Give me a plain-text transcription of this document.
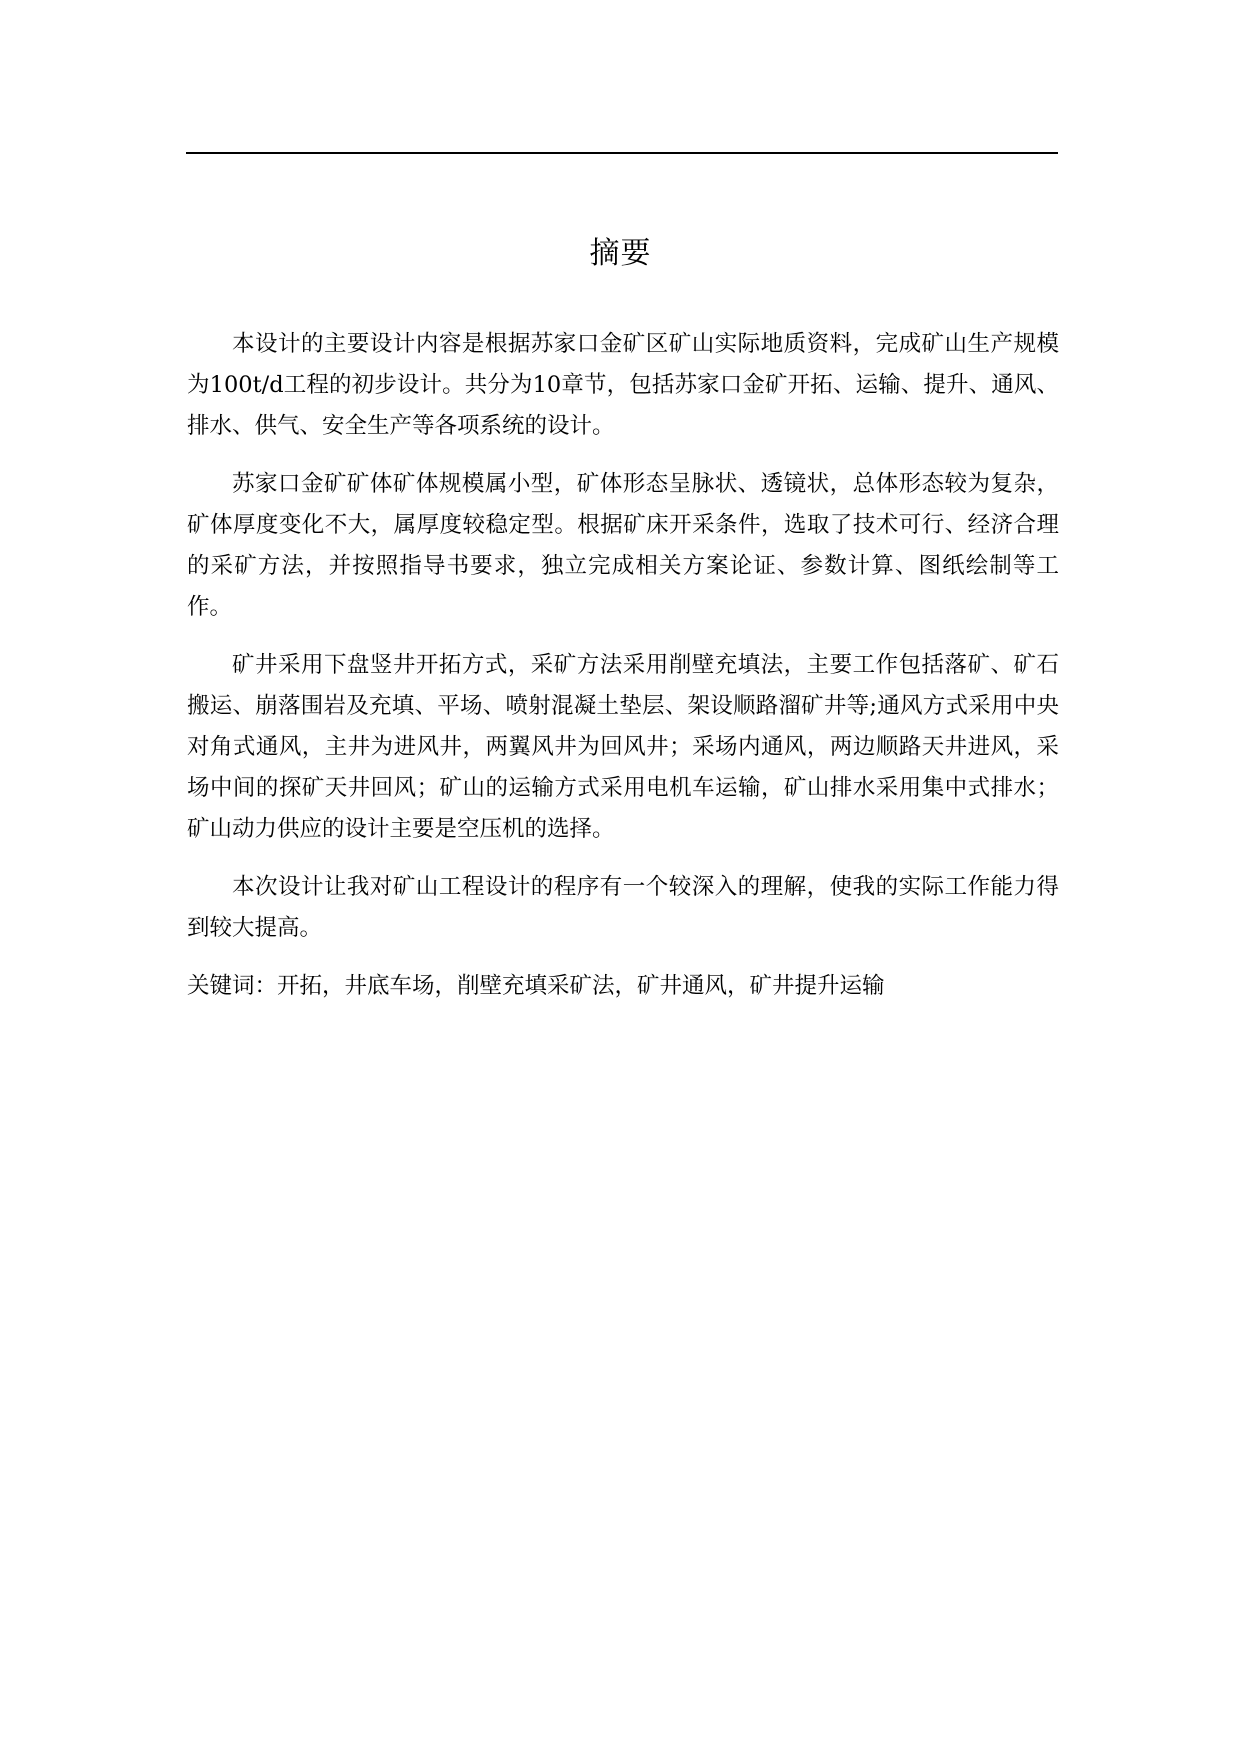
摘要

本设计的主要设计内容是根据苏家口金矿区矿山实际地质资料，完成矿山生产规模为100t/d工程的初步设计。共分为10章节，包括苏家口金矿开拓、运输、提升、通风、排水、供气、安全生产等各项系统的设计。

苏家口金矿矿体矿体规模属小型，矿体形态呈脉状、透镜状，总体形态较为复杂，矿体厚度变化不大，属厚度较稳定型。根据矿床开采条件，选取了技术可行、经济合理的采矿方法，并按照指导书要求，独立完成相关方案论证、参数计算、图纸绘制等工作。

矿井采用下盘竖井开拓方式，采矿方法采用削壁充填法，主要工作包括落矿、矿石搬运、崩落围岩及充填、平场、喷射混凝土垫层、架设顺路溜矿井等;通风方式采用中央对角式通风，主井为进风井，两翼风井为回风井；采场内通风，两边顺路天井进风，采场中间的探矿天井回风；矿山的运输方式采用电机车运输，矿山排水采用集中式排水；矿山动力供应的设计主要是空压机的选择。

本次设计让我对矿山工程设计的程序有一个较深入的理解，使我的实际工作能力得到较大提高。

关键词：开拓，井底车场，削壁充填采矿法，矿井通风，矿井提升运输
